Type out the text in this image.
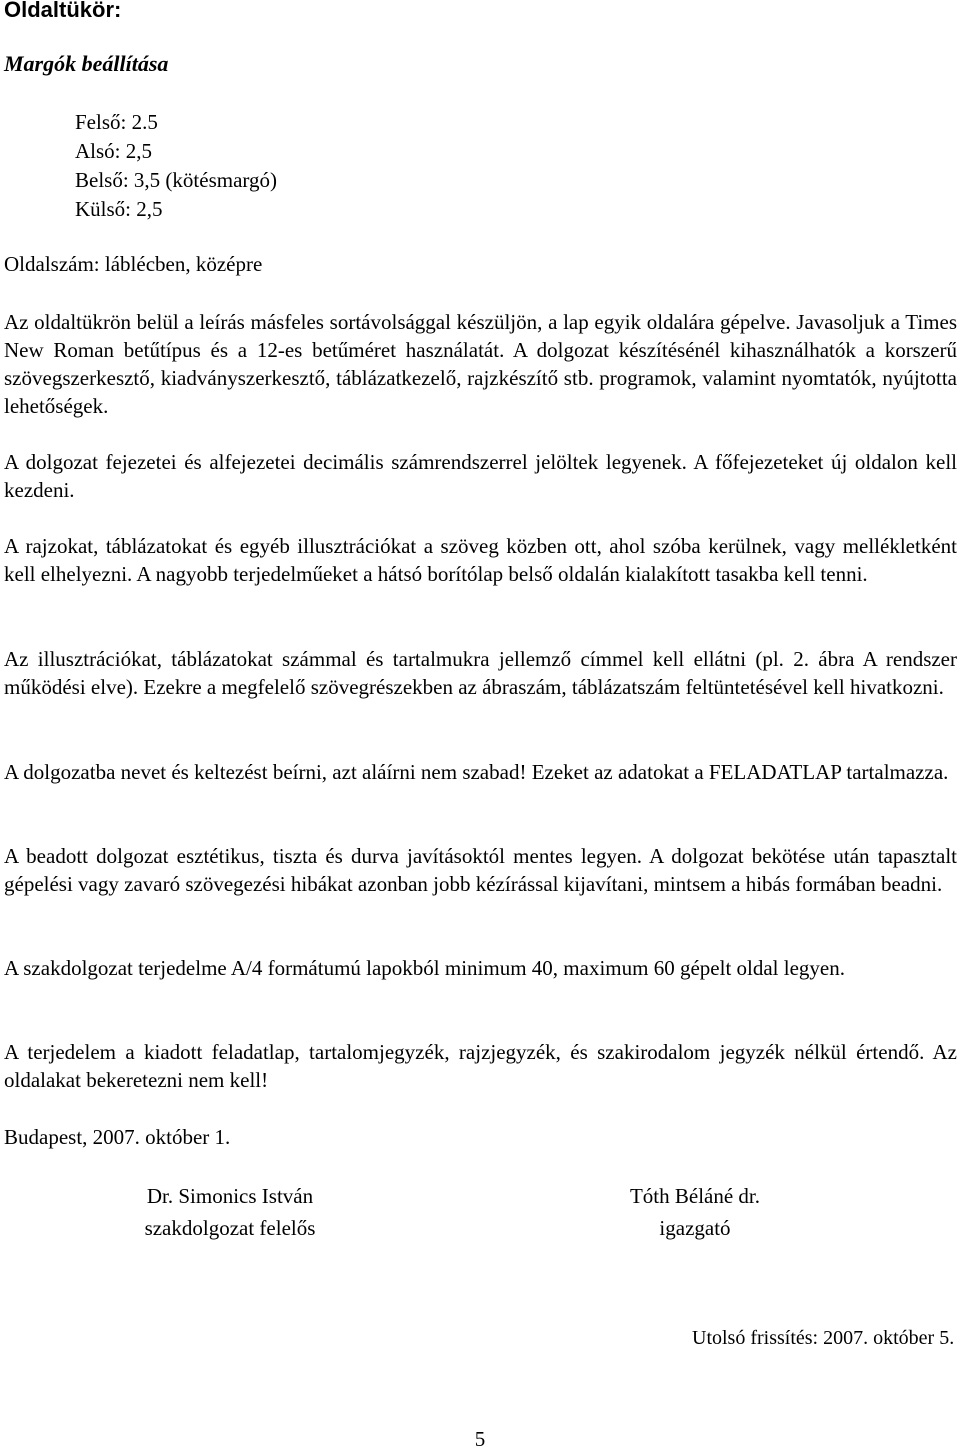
Oldaltükör:
Margók beállítása
Felső: 2.5
Alsó: 2,5
Belső: 3,5 (kötésmargó)
Külső: 2,5

Oldalszám: láblécben, középre

Az oldaltükrön belül a leírás másfeles sortávolsággal készüljön, a lap egyik oldalára gépelve. Javasoljuk a Times New Roman betűtípus és a 12-es betűméret használatát. A dolgozat készítésénél kihasználhatók a korszerű szövegszerkesztő, kiadványszerkesztő, táblázatkezelő, rajzkészítő stb. programok, valamint nyomtatók, nyújtotta lehetőségek.

A dolgozat fejezetei és alfejezetei decimális számrendszerrel jelöltek legyenek. A főfejezeteket új oldalon kell kezdeni.

A rajzokat, táblázatokat és egyéb illusztrációkat a szöveg közben ott, ahol szóba kerülnek, vagy mellékletként kell elhelyezni. A nagyobb terjedelműeket a hátsó borítólap belső oldalán kialakított tasakba kell tenni.

Az illusztrációkat, táblázatokat számmal és tartalmukra jellemző címmel kell ellátni (pl. 2. ábra A rendszer működési elve). Ezekre a megfelelő szövegrészekben az ábraszám, táblázatszám feltüntetésével kell hivatkozni.

A dolgozatba nevet és keltezést beírni, azt aláírni nem szabad! Ezeket az adatokat a FELADATLAP tartalmazza.

A beadott dolgozat esztétikus, tiszta és durva javításoktól mentes legyen. A dolgozat bekötése után tapasztalt gépelési vagy zavaró szövegezési hibákat azonban jobb kézírással kijavítani, mintsem a hibás formában beadni.

A szakdolgozat terjedelme A/4 formátumú lapokból minimum 40, maximum 60 gépelt oldal legyen.

A terjedelem a kiadott feladatlap, tartalomjegyzék, rajzjegyzék, és szakirodalom jegyzék nélkül értendő. Az oldalakat bekeretezni nem kell!

Budapest, 2007. október 1.

Dr. Simonics István
szakdolgozat felelős
Tóth Béláné dr.
igazgató

Utolsó frissítés: 2007. október 5.

5
